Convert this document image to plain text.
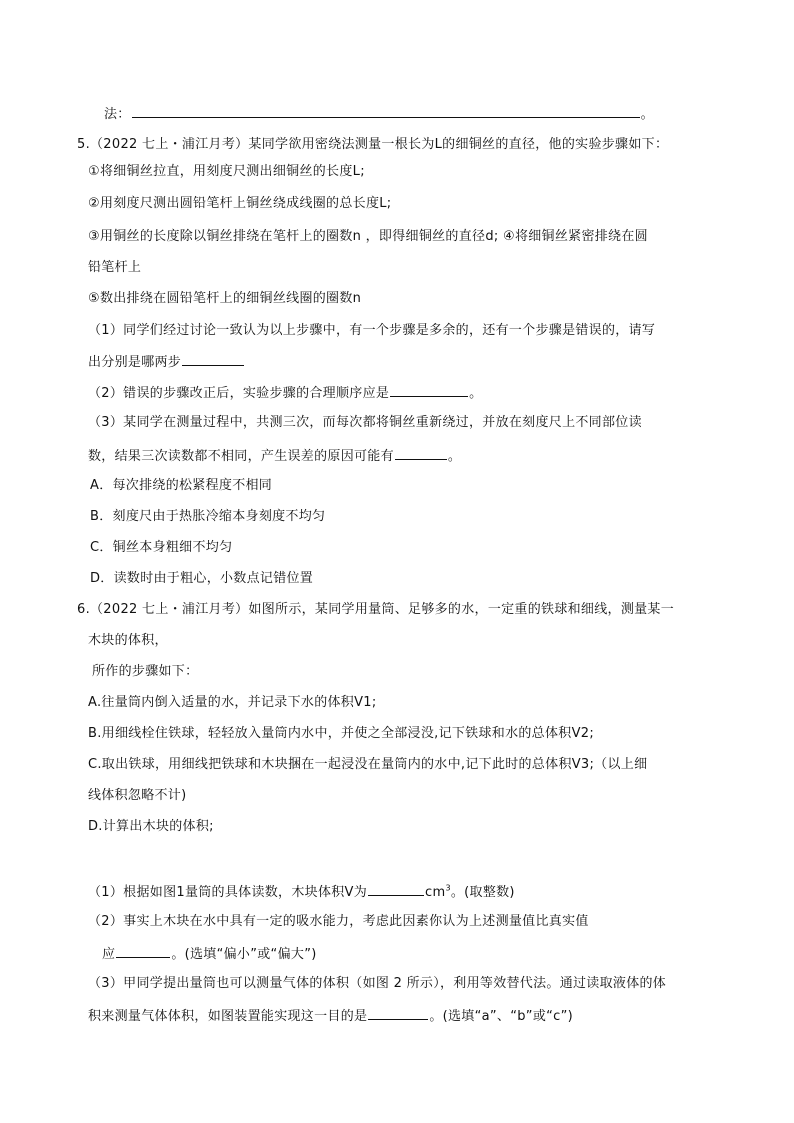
法：	。
5.（2022 七上・浦江月考）某同学欲用密绕法测量一根长为L的细铜丝的直径，他的实验步骤如下：
①将细铜丝拉直，用刻度尺测出细铜丝的长度L;
②用刻度尺测出圆铅笔杆上铜丝绕成线圈的总长度L;
③用铜丝的长度除以铜丝排绕在笔杆上的圈数n ，即得细铜丝的直径d; ④将细铜丝紧密排绕在圆
铅笔杆上
⑤数出排绕在圆铅笔杆上的细铜丝线圈的圈数n
（1）同学们经过讨论一致认为以上步骤中，有一个步骤是多余的，还有一个步骤是错误的，请写
出分别是哪两步
（2）错误的步骤改正后，实验步骤的合理顺序应是	。
（3）某同学在测量过程中，共测三次，而每次都将铜丝重新绕过，并放在刻度尺上不同部位读
数，结果三次读数都不相同，产生误差的原因可能有	。
A．每次排绕的松紧程度不相同
B．刻度尺由于热胀冷缩本身刻度不均匀
C．铜丝本身粗细不均匀
D．读数时由于粗心，小数点记错位置
6.（2022 七上・浦江月考）如图所示，某同学用量筒、足够多的水，一定重的铁球和细线，测量某一
木块的体积，
所作的步骤如下：
A.往量筒内倒入适量的水，并记录下水的体积V1;
B.用细线栓住铁球，轻轻放入量筒内水中，并使之全部浸没,记下铁球和水的总体积V2;
C.取出铁球，用细线把铁球和木块捆在一起浸没在量筒内的水中,记下此时的总体积V3;（以上细
线体积忽略不计)
D.计算出木块的体积;
（1）根据如图1量筒的具体读数，木块体积V为	$cm^3$。(取整数)
（2）事实上木块在水中具有一定的吸水能力，考虑此因素你认为上述测量值比真实值
应	。(选填“偏小”或“偏大”)
（3）甲同学提出量筒也可以测量气体的体积（如图 2 所示），利用等效替代法。通过读取液体的体
积来测量气体体积，如图装置能实现这一目的是	。(选填“a”、“b”或“c”)
